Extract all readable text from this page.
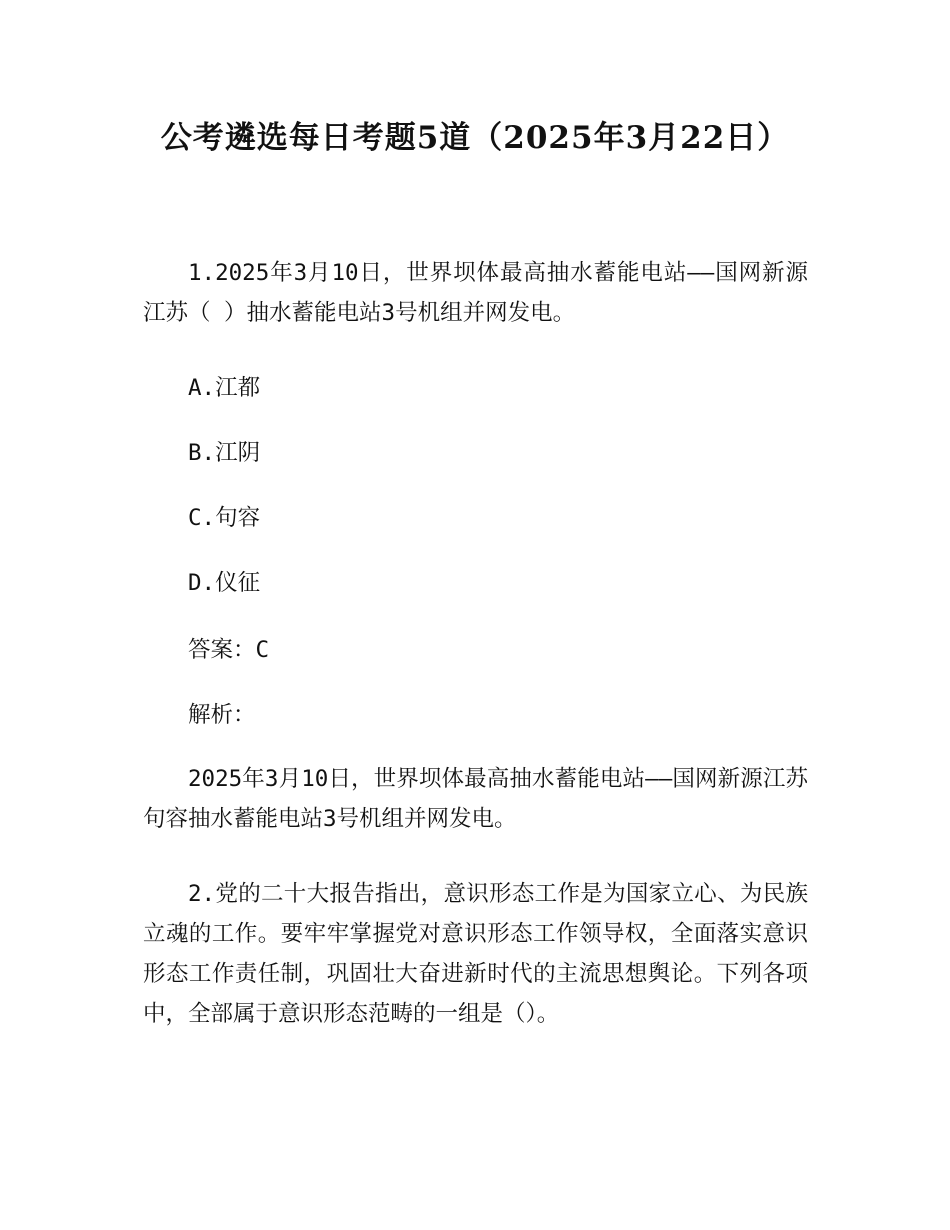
公考遴选每日考题5道（2025年3月22日）

1.2025年3月10日，世界坝体最高抽水蓄能电站——国网新源江苏（ ）抽水蓄能电站3号机组并网发电。

A.江都

B.江阴

C.句容

D.仪征

答案：C

解析：

2025年3月10日，世界坝体最高抽水蓄能电站——国网新源江苏句容抽水蓄能电站3号机组并网发电。

2.党的二十大报告指出，意识形态工作是为国家立心、为民族立魂的工作。要牢牢掌握党对意识形态工作领导权，全面落实意识形态工作责任制，巩固壮大奋进新时代的主流思想舆论。下列各项中，全部属于意识形态范畴的一组是（）。
